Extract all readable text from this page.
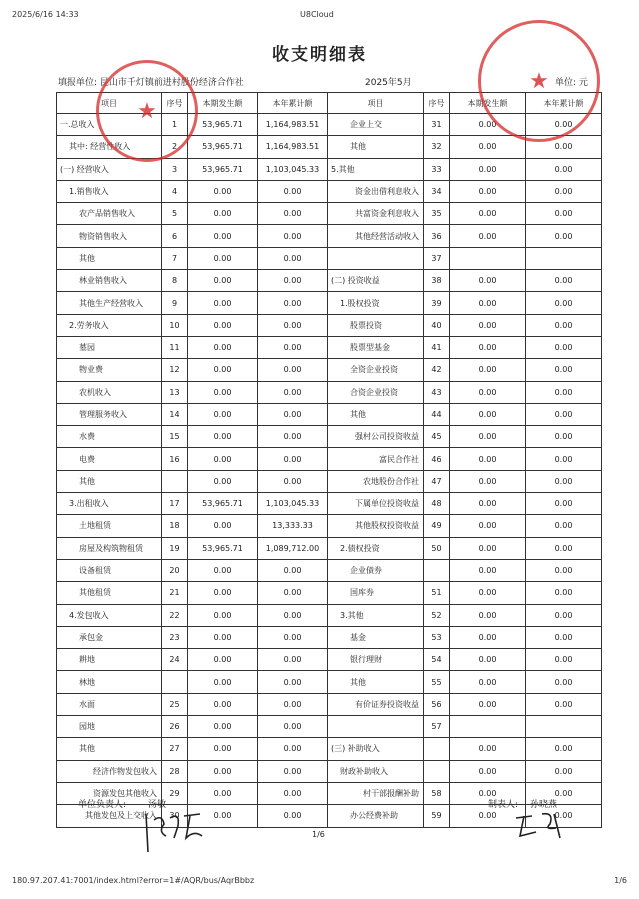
2025/6/16 14:33	U8Cloud
收支明细表
填报单位: 昆山市千灯镇前进村股份经济合作社	2025年5月	单位: 元
项目	序号	本期发生额	本年累计额	项目	序号	本期发生额	本年累计额
一.总收入	1	53,965.71	1,164,983.51	企业上交	31	0.00	0.00
其中: 经营性收入	2	53,965.71	1,164,983.51	其他	32	0.00	0.00
(一) 经营收入	3	53,965.71	1,103,045.33	5.其他	33	0.00	0.00
1.销售收入	4	0.00	0.00	资金出借利息收入	34	0.00	0.00
农产品销售收入	5	0.00	0.00	共富资金利息收入	35	0.00	0.00
物资销售收入	6	0.00	0.00	其他经营活动收入	36	0.00	0.00
其他	7	0.00	0.00		37		
林业销售收入	8	0.00	0.00	(二) 投资收益	38	0.00	0.00
其他生产经营收入	9	0.00	0.00	1.股权投资	39	0.00	0.00
2.劳务收入	10	0.00	0.00	股票投资	40	0.00	0.00
墓园	11	0.00	0.00	股票型基金	41	0.00	0.00
物业费	12	0.00	0.00	全资企业投资	42	0.00	0.00
农机收入	13	0.00	0.00	合资企业投资	43	0.00	0.00
管理服务收入	14	0.00	0.00	其他	44	0.00	0.00
水费	15	0.00	0.00	强村公司投资收益	45	0.00	0.00
电费	16	0.00	0.00	富民合作社	46	0.00	0.00
其他		0.00	0.00	农地股份合作社	47	0.00	0.00
3.出租收入	17	53,965.71	1,103,045.33	下属单位投资收益	48	0.00	0.00
土地租赁	18	0.00	13,333.33	其他股权投资收益	49	0.00	0.00
房屋及构筑物租赁	19	53,965.71	1,089,712.00	2.债权投资	50	0.00	0.00
设备租赁	20	0.00	0.00	企业债券		0.00	0.00
其他租赁	21	0.00	0.00	国库券	51	0.00	0.00
4.发包收入	22	0.00	0.00	3.其他	52	0.00	0.00
承包金	23	0.00	0.00	基金	53	0.00	0.00
耕地	24	0.00	0.00	银行理财	54	0.00	0.00
林地		0.00	0.00	其他	55	0.00	0.00
水面	25	0.00	0.00	有价证券投资收益	56	0.00	0.00
园地	26	0.00	0.00		57		
其他	27	0.00	0.00	(三) 补助收入		0.00	0.00
经济作物发包收入	28	0.00	0.00	财政补助收入		0.00	0.00
资源发包其他收入	29	0.00	0.00	村干部报酬补助	58	0.00	0.00
其他发包及上交收入	30	0.00	0.00	办公经费补助	59	0.00	0.00
★
★
单位负责人: 汤敏	制表人: 孙晓燕
1/6
180.97.207.41:7001/index.html?error=1#/AQR/bus/AqrBbbz	1/6
